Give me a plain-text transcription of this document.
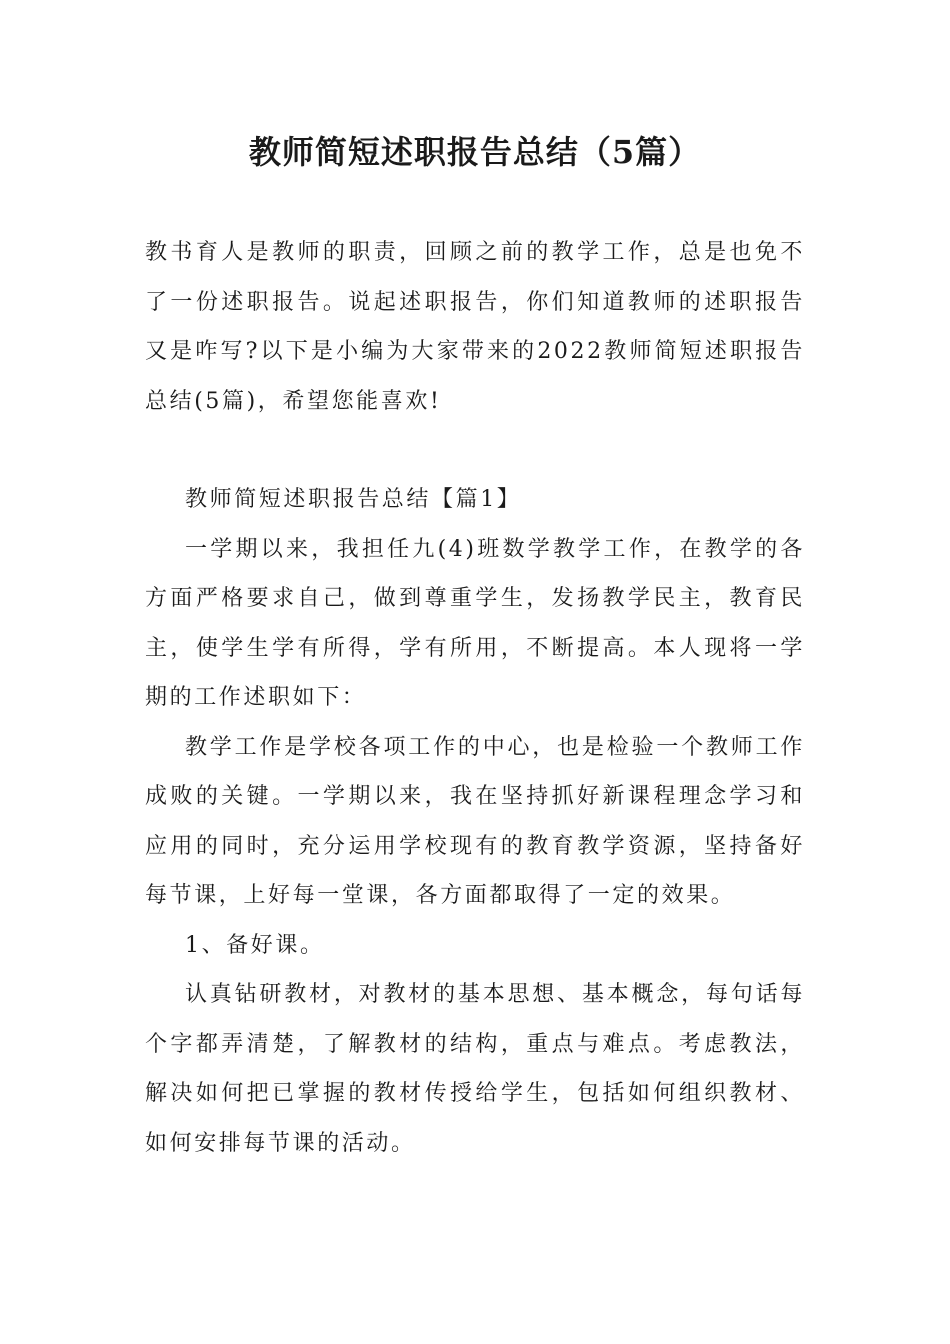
教师简短述职报告总结（5篇）

教书育人是教师的职责，回顾之前的教学工作，总是也免不了一份述职报告。说起述职报告，你们知道教师的述职报告又是咋写?以下是小编为大家带来的2022教师简短述职报告总结(5篇)，希望您能喜欢!

教师简短述职报告总结【篇1】

一学期以来，我担任九(4)班数学教学工作，在教学的各方面严格要求自己，做到尊重学生，发扬教学民主，教育民主，使学生学有所得，学有所用，不断提高。本人现将一学期的工作述职如下：

教学工作是学校各项工作的中心，也是检验一个教师工作成败的关键。一学期以来，我在坚持抓好新课程理念学习和应用的同时，充分运用学校现有的教育教学资源，坚持备好每节课，上好每一堂课，各方面都取得了一定的效果。

1、备好课。

认真钻研教材，对教材的基本思想、基本概念，每句话每个字都弄清楚，了解教材的结构，重点与难点。考虑教法，解决如何把已掌握的教材传授给学生，包括如何组织教材、如何安排每节课的活动。
